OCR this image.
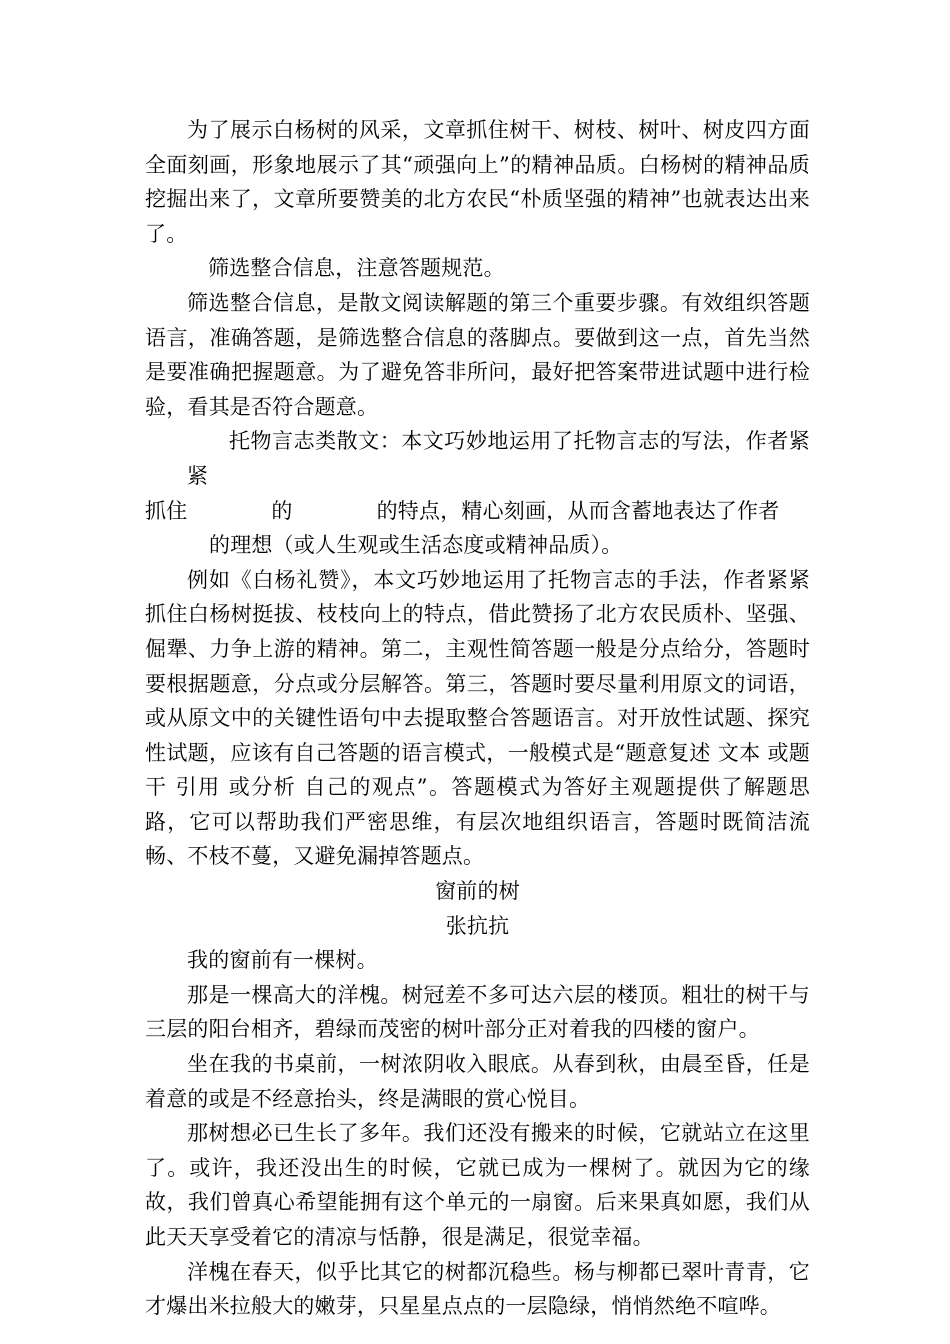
为了展示白杨树的风采，文章抓住树干、树枝、树叶、树皮四方面全面刻画，形象地展示了其“顽强向上”的精神品质。白杨树的精神品质挖掘出来了，文章所要赞美的北方农民“朴质坚强的精神”也就表达出来了。

筛选整合信息，注意答题规范。

筛选整合信息，是散文阅读解题的第三个重要步骤。有效组织答题语言，准确答题，是筛选整合信息的落脚点。要做到这一点，首先当然是要准确把握题意。为了避免答非所问，最好把答案带进试题中进行检验，看其是否符合题意。

托物言志类散文：本文巧妙地运用了托物言志的写法，作者紧紧
抓住	的	的特点，精心刻画，从而含蓄地表达了作者
的理想（或人生观或生活态度或精神品质）。

例如《白杨礼赞》，本文巧妙地运用了托物言志的手法，作者紧紧抓住白杨树挺拔、枝枝向上的特点，借此赞扬了北方农民质朴、坚强、倔犟、力争上游的精神。第二，主观性简答题一般是分点给分，答题时要根据题意，分点或分层解答。第三，答题时要尽量利用原文的词语，或从原文中的关键性语句中去提取整合答题语言。对开放性试题、探究性试题，应该有自己答题的语言模式，一般模式是“题意复述 文本 或题干 引用 或分析 自己的观点”。答题模式为答好主观题提供了解题思路，它可以帮助我们严密思维，有层次地组织语言，答题时既简洁流畅、不枝不蔓，又避免漏掉答题点。

窗前的树

张抗抗

我的窗前有一棵树。

那是一棵高大的洋槐。树冠差不多可达六层的楼顶。粗壮的树干与三层的阳台相齐，碧绿而茂密的树叶部分正对着我的四楼的窗户。

坐在我的书桌前，一树浓阴收入眼底。从春到秋，由晨至昏，任是着意的或是不经意抬头，终是满眼的赏心悦目。

那树想必已生长了多年。我们还没有搬来的时候，它就站立在这里了。或许，我还没出生的时候，它就已成为一棵树了。就因为它的缘故，我们曾真心希望能拥有这个单元的一扇窗。后来果真如愿，我们从此天天享受着它的清凉与恬静，很是满足，很觉幸福。

洋槐在春天，似乎比其它的树都沉稳些。杨与柳都已翠叶青青，它才爆出米拉般大的嫩芽，只星星点点的一层隐绿，悄悄然绝不喧哗。
